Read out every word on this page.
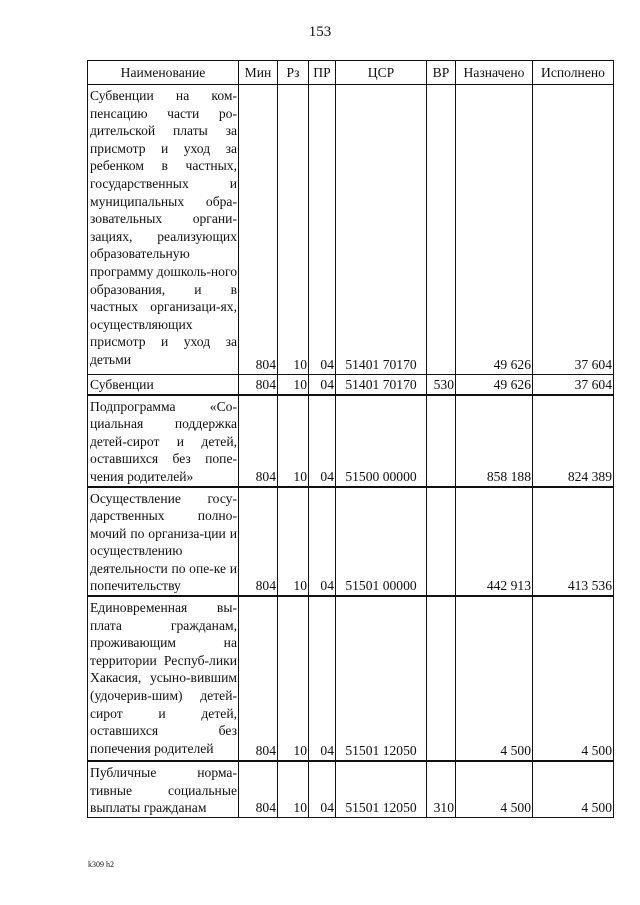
153
Наименование	Мин	Рз	ПР	ЦСР	ВР	Назначено	Исполнено
Субвенции на ком-пенсацию части ро-дительской платы за присмотр и уход за ребенком в частных, государственных и муниципальных обра-зовательных органи-зациях, реализующих образовательную программу дошколь-ного образования, и в частных организаци-ях, осуществляющих присмотр и уход за детьми	804	10	04	51401 70170		49 626	37 604
Субвенции	804	10	04	51401 70170	530	49 626	37 604
Подпрограмма «Со-циальная поддержка детей-сирот и детей, оставшихся без попе-чения родителей»	804	10	04	51500 00000		858 188	824 389
Осуществление госу-дарственных полно-мочий по организа-ции и осуществлению деятельности по опе-ке и попечительству	804	10	04	51501 00000		442 913	413 536
Единовременная вы-плата гражданам, проживающим на территории Респуб-лики Хакасия, усыно-вившим (удочерив-шим) детей-сирот и детей, оставшихся без попечения родителей	804	10	04	51501 12050		4 500	4 500
Публичные норма-тивные социальные выплаты гражданам	804	10	04	51501 12050	310	4 500	4 500
k309 h2
